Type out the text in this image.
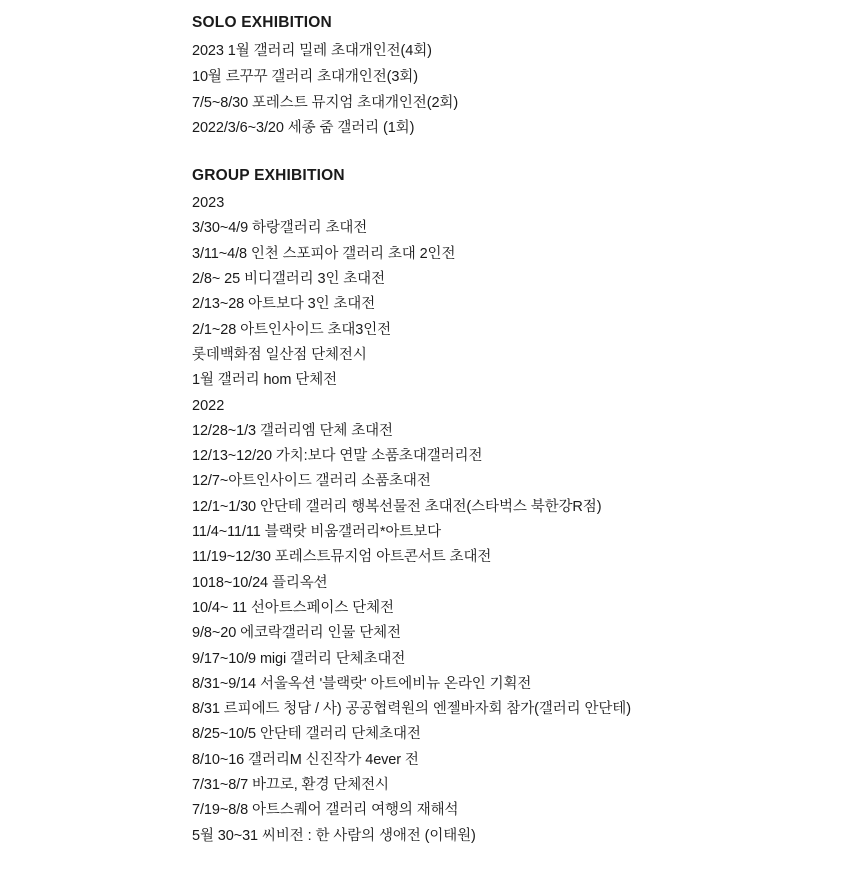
SOLO EXHIBITION
2023 1월 갤러리 밀레 초대개인전(4회)
10월 르꾸꾸 갤러리 초대개인전(3회)
7/5~8/30 포레스트 뮤지엄 초대개인전(2회)
2022/3/6~3/20 세종 줌 갤러리 (1회)
GROUP EXHIBITION
2023
3/30~4/9 하랑갤러리 초대전
3/11~4/8 인천 스포피아 갤러리 초대 2인전
2/8~ 25 비디갤러리 3인 초대전
2/13~28 아트보다 3인 초대전
2/1~28 아트인사이드 초대3인전
롯데백화점 일산점 단체전시
1월 갤러리 hom 단체전
2022
12/28~1/3 갤러리엠 단체 초대전
12/13~12/20 가치:보다 연말 소품초대갤러리전
12/7~아트인사이드 갤러리 소품초대전
12/1~1/30 안단테 갤러리 행복선물전 초대전(스타벅스 북한강R점)
11/4~11/11 블랙랏 비움갤러리*아트보다
11/19~12/30 포레스트뮤지엄 아트콘서트 초대전
1018~10/24 플리옥션
10/4~ 11 선아트스페이스 단체전
9/8~20 에코락갤러리 인물 단체전
9/17~10/9 migi 갤러리 단체초대전
8/31~9/14 서울옥션 '블랙랏' 아트에비뉴 온라인 기획전
8/31 르피에드 청담 / 사) 공공협력원의 엔젤바자회 참가(갤러리 안단테)
8/25~10/5 안단테 갤러리 단체초대전
8/10~16 갤러리M 신진작가 4ever 전
7/31~8/7 바끄로, 환경 단체전시
7/19~8/8 아트스퀘어 갤러리 여행의 재해석
5월 30~31 씨비전 : 한 사람의 생애전 (이태원)
